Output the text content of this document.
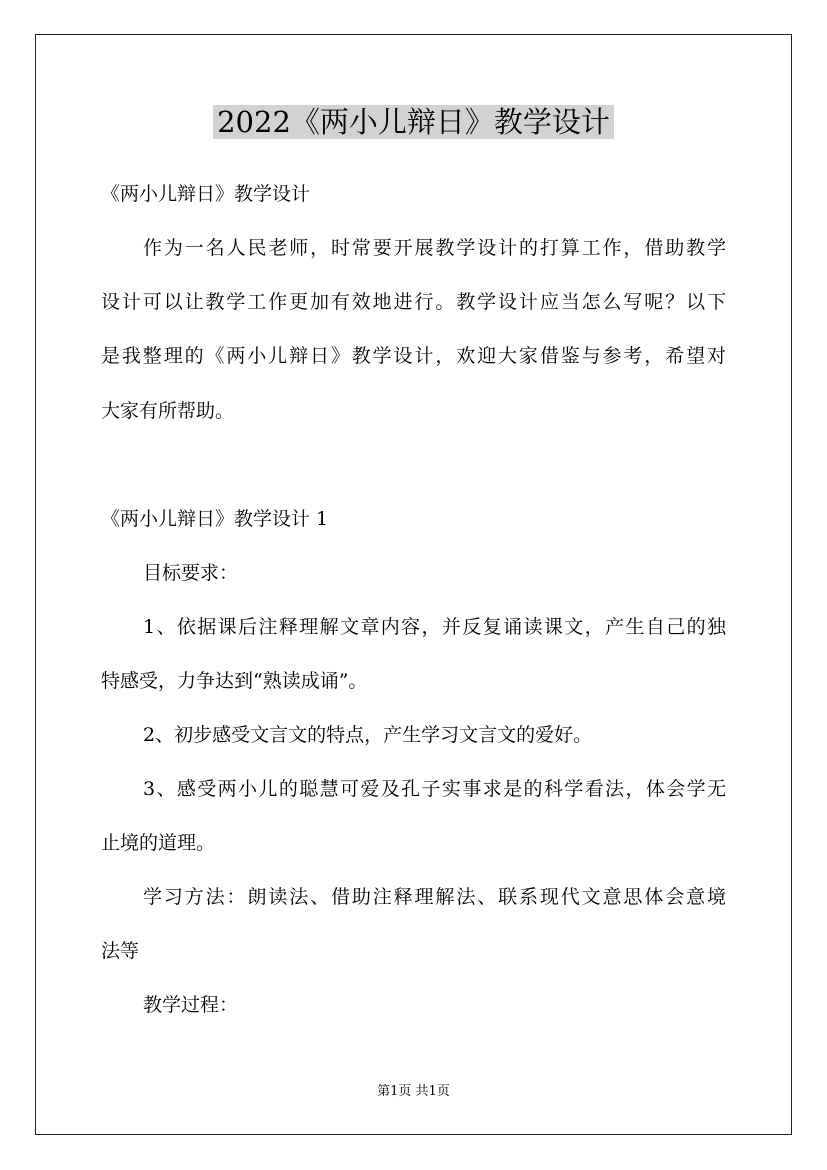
2022《两小儿辩日》教学设计
《两小儿辩日》教学设计
作为一名人民老师，时常要开展教学设计的打算工作，借助教学
设计可以让教学工作更加有效地进行。教学设计应当怎么写呢？以下
是我整理的《两小儿辩日》教学设计，欢迎大家借鉴与参考，希望对
大家有所帮助。
《两小儿辩日》教学设计 1
目标要求：
1、依据课后注释理解文章内容，并反复诵读课文，产生自己的独
特感受，力争达到“熟读成诵”。
2、初步感受文言文的特点，产生学习文言文的爱好。
3、感受两小儿的聪慧可爱及孔子实事求是的科学看法，体会学无
止境的道理。
学习方法：朗读法、借助注释理解法、联系现代文意思体会意境
法等
教学过程：
第1页 共1页
